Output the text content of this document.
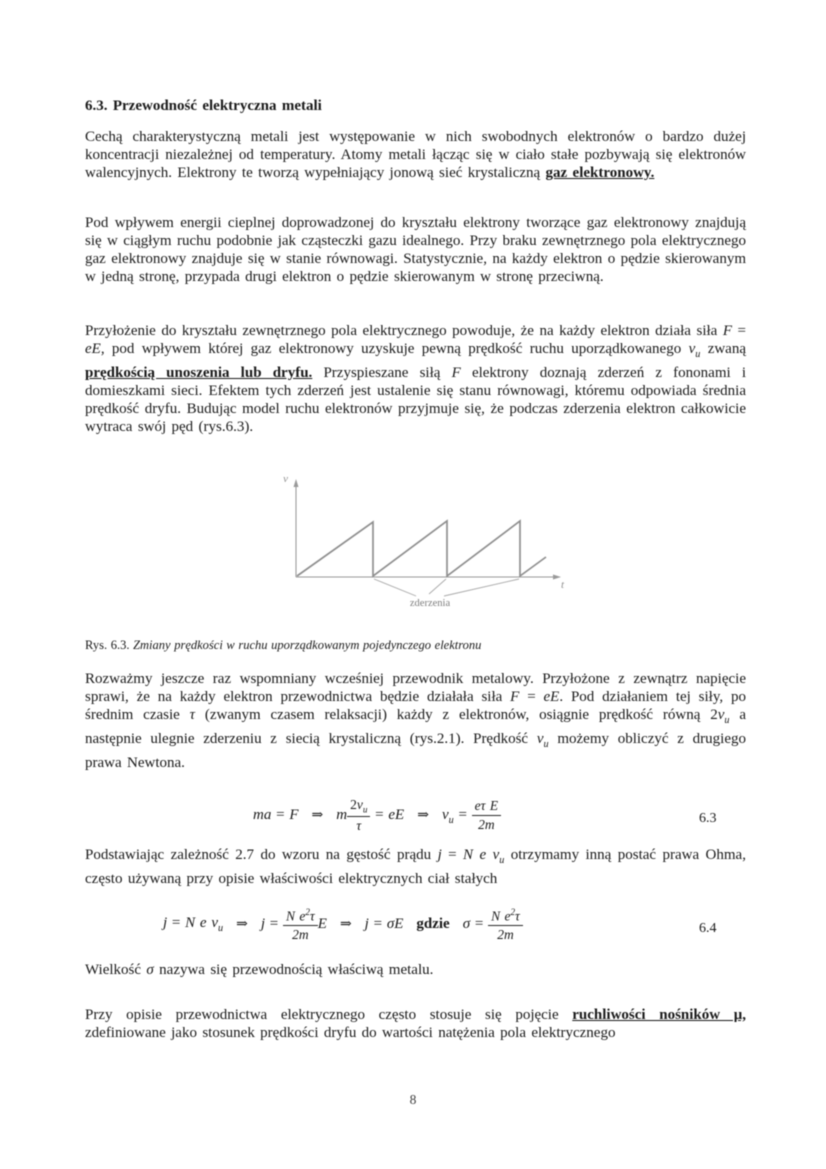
6.3. Przewodność elektryczna metali
Cechą charakterystyczną metali jest występowanie w nich swobodnych elektronów o bardzo dużej koncentracji niezależnej od temperatury. Atomy metali łącząc się w ciało stałe pozbywają się elektronów walencyjnych. Elektrony te tworzą wypełniający jonową sieć krystaliczną gaz elektronowy.
Pod wpływem energii cieplnej doprowadzonej do kryształu elektrony tworzące gaz elektronowy znajdują się w ciągłym ruchu podobnie jak cząsteczki gazu idealnego. Przy braku zewnętrznego pola elektrycznego gaz elektronowy znajduje się w stanie równowagi. Statystycznie, na każdy elektron o pędzie skierowanym w jedną stronę, przypada drugi elektron o pędzie skierowanym w stronę przeciwną.
Przyłożenie do kryształu zewnętrznego pola elektrycznego powoduje, że na każdy elektron działa siła F = eE, pod wpływem której gaz elektronowy uzyskuje pewną prędkość ruchu uporządkowanego $v_u$ zwaną prędkością unoszenia lub dryfu. Przyspieszane siłą F elektrony doznają zderzeń z fononami i domieszkami sieci. Efektem tych zderzeń jest ustalenie się stanu równowagi, któremu odpowiada średnia prędkość dryfu. Budując model ruchu elektronów przyjmuje się, że podczas zderzenia elektron całkowicie wytraca swój pęd (rys.6.3).
v
t
zderzenia
Rys. 6.3. Zmiany prędkości w ruchu uporządkowanym pojedynczego elektronu
Rozważmy jeszcze raz wspomniany wcześniej przewodnik metalowy. Przyłożone z zewnątrz napięcie sprawi, że na każdy elektron przewodnictwa będzie działała siła F = eE. Pod działaniem tej siły, po średnim czasie τ (zwanym czasem relaksacji) każdy z elektronów, osiągnie prędkość równą $2v_u$ a następnie ulegnie zderzeniu z siecią krystaliczną (rys.2.1). Prędkość $v_u$ możemy obliczyć z drugiego prawa Newtona.
ma = F ⇒ m $\frac{2v_u}{\tau}$ = eE ⇒ $v_u = \frac{\text{eτ E}}{2m}$	6.3
Podstawiając zależność 2.7 do wzoru na gęstość prądu j = N e $v_u$ otrzymamy inną postać prawa Ohma, często używaną przy opisie właściwości elektrycznych ciał stałych
j = N e $v_u$ ⇒ $j = \frac{N e^2\tau}{2m}$ E ⇒ j = σE gdzie $\sigma = \frac{N e^2\tau}{2m}$	6.4
Wielkość σ nazywa się przewodnością właściwą metalu.
Przy opisie przewodnictwa elektrycznego często stosuje się pojęcie ruchliwości nośników μ, zdefiniowane jako stosunek prędkości dryfu do wartości natężenia pola elektrycznego
8
